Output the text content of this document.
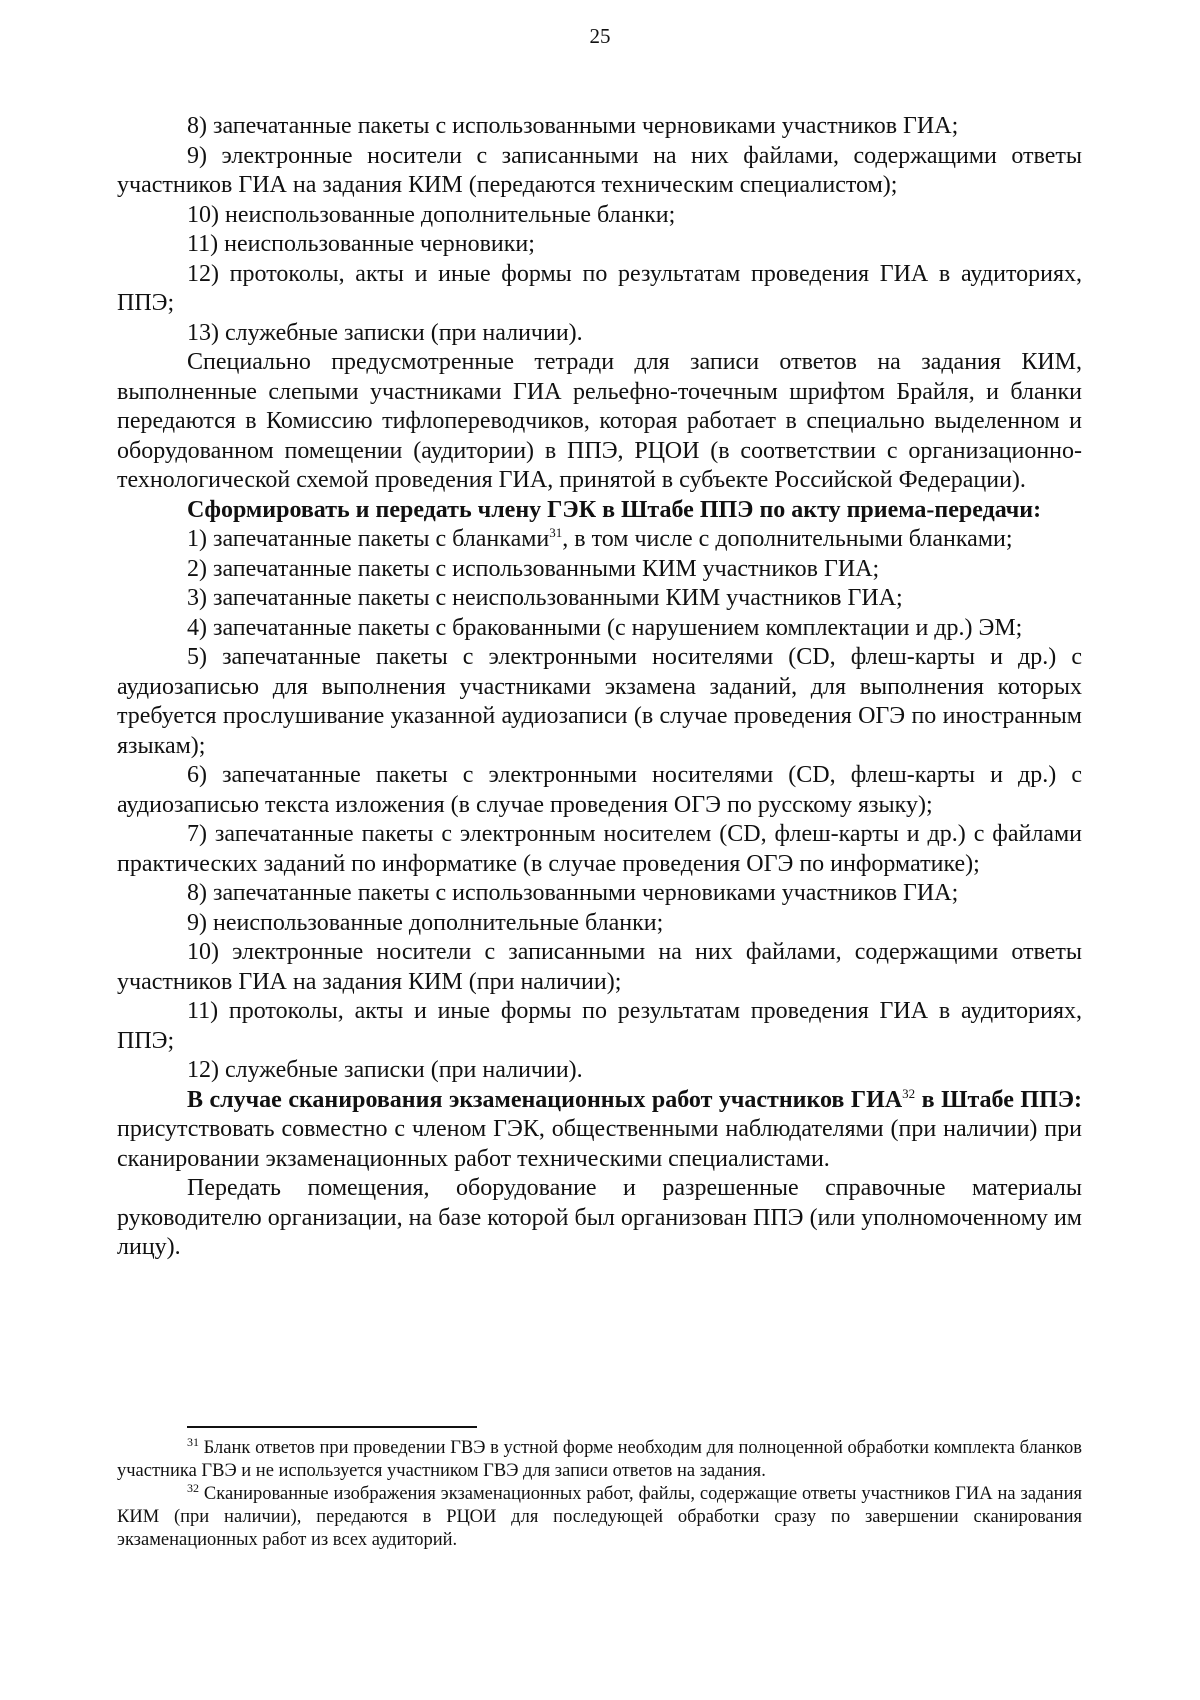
25

8) запечатанные пакеты с использованными черновиками участников ГИА;

9) электронные носители с записанными на них файлами, содержащими ответы участников ГИА на задания КИМ (передаются техническим специалистом);

10) неиспользованные дополнительные бланки;

11) неиспользованные черновики;

12) протоколы, акты и иные формы по результатам проведения ГИА в аудиториях, ППЭ;

13) служебные записки (при наличии).

Специально предусмотренные тетради для записи ответов на задания КИМ, выполненные слепыми участниками ГИА рельефно-точечным шрифтом Брайля, и бланки передаются в Комиссию тифлопереводчиков, которая работает в специально выделенном и оборудованном помещении (аудитории) в ППЭ, РЦОИ (в соответствии с организационно-технологической схемой проведения ГИА, принятой в субъекте Российской Федерации).

Сформировать и передать члену ГЭК в Штабе ППЭ по акту приема-передачи:

1) запечатанные пакеты с бланками$^{31}$, в том числе с дополнительными бланками;

2) запечатанные пакеты с использованными КИМ участников ГИА;

3) запечатанные пакеты с неиспользованными КИМ участников ГИА;

4) запечатанные пакеты с бракованными (с нарушением комплектации и др.) ЭМ;

5) запечатанные пакеты с электронными носителями (CD, флеш-карты и др.) с аудиозаписью для выполнения участниками экзамена заданий, для выполнения которых требуется прослушивание указанной аудиозаписи (в случае проведения ОГЭ по иностранным языкам);

6) запечатанные пакеты с электронными носителями (CD, флеш-карты и др.) с аудиозаписью текста изложения (в случае проведения ОГЭ по русскому языку);

7) запечатанные пакеты с электронным носителем (CD, флеш-карты и др.) с файлами практических заданий по информатике (в случае проведения ОГЭ по информатике);

8) запечатанные пакеты с использованными черновиками участников ГИА;

9) неиспользованные дополнительные бланки;

10) электронные носители с записанными на них файлами, содержащими ответы участников ГИА на задания КИМ (при наличии);

11) протоколы, акты и иные формы по результатам проведения ГИА в аудиториях, ППЭ;

12) служебные записки (при наличии).

В случае сканирования экзаменационных работ участников ГИА$^{32}$ в Штабе ППЭ: присутствовать совместно с членом ГЭК, общественными наблюдателями (при наличии) при сканировании экзаменационных работ техническими специалистами.

Передать помещения, оборудование и разрешенные справочные материалы руководителю организации, на базе которой был организован ППЭ (или уполномоченному им лицу).

$^{31}$ Бланк ответов при проведении ГВЭ в устной форме необходим для полноценной обработки комплекта бланков участника ГВЭ и не используется участником ГВЭ для записи ответов на задания.

$^{32}$ Сканированные изображения экзаменационных работ, файлы, содержащие ответы участников ГИА на задания КИМ (при наличии), передаются в РЦОИ для последующей обработки сразу по завершении сканирования экзаменационных работ из всех аудиторий.
